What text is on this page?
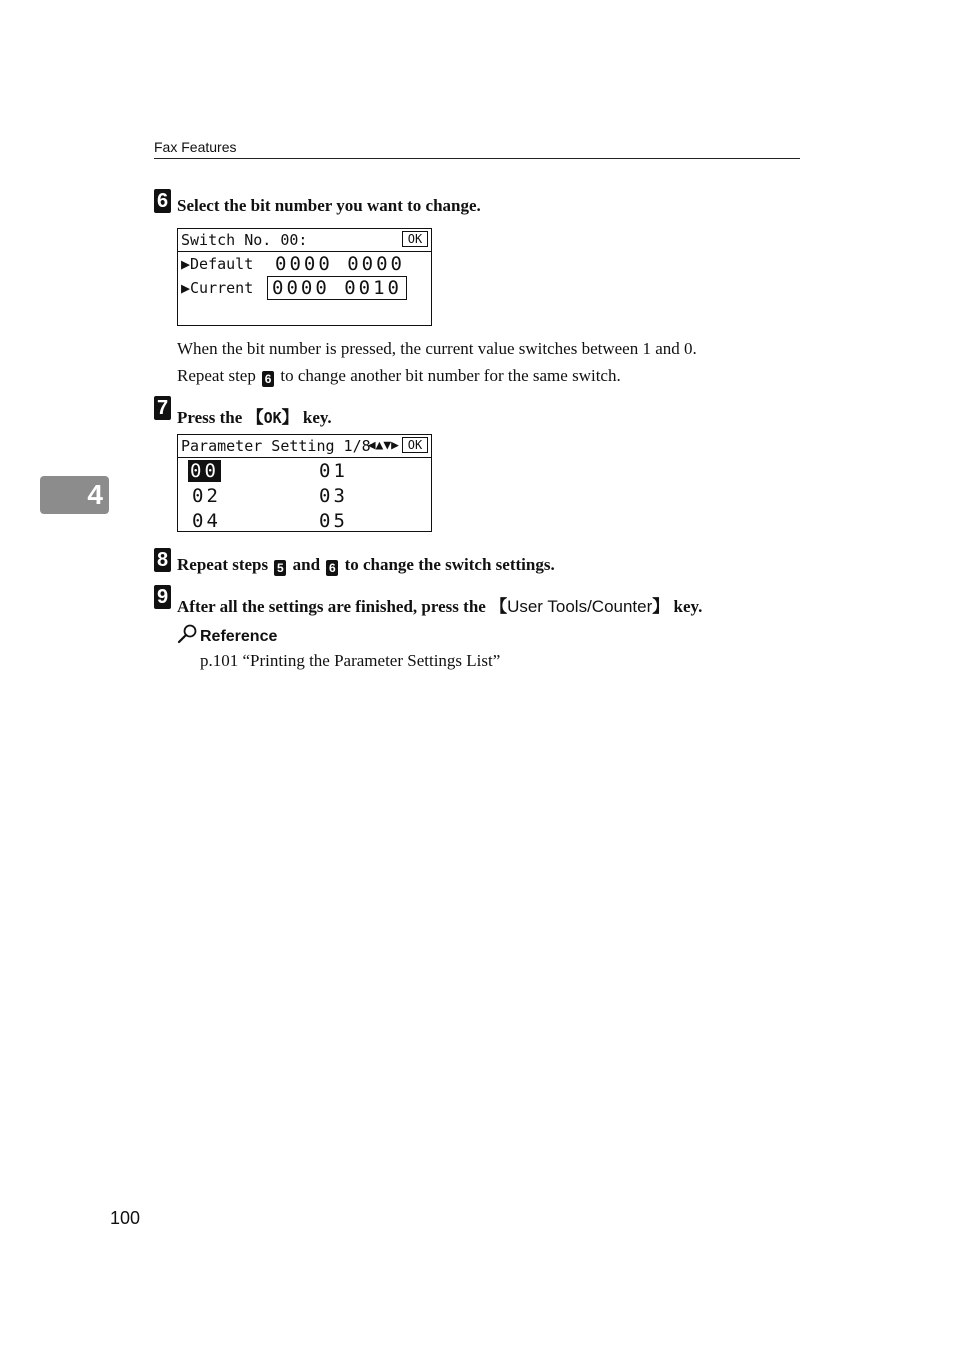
Fax Features
4
6 Select the bit number you want to change.
Switch No. 00:	OK
▶Default 0000 0000
▶Current 0000 0010
When the bit number is pressed, the current value switches between 1 and 0.
Repeat step 6 to change another bit number for the same switch.
7 Press the 【OK】 key.
Parameter Setting 1/8
◀▲▼▶ OK
00	01
02	03
04	05
8 Repeat steps 5 and 6 to change the switch settings.
9 After all the settings are finished, press the 【User Tools/Counter】 key.
Reference
p.101 “Printing the Parameter Settings List”
100
